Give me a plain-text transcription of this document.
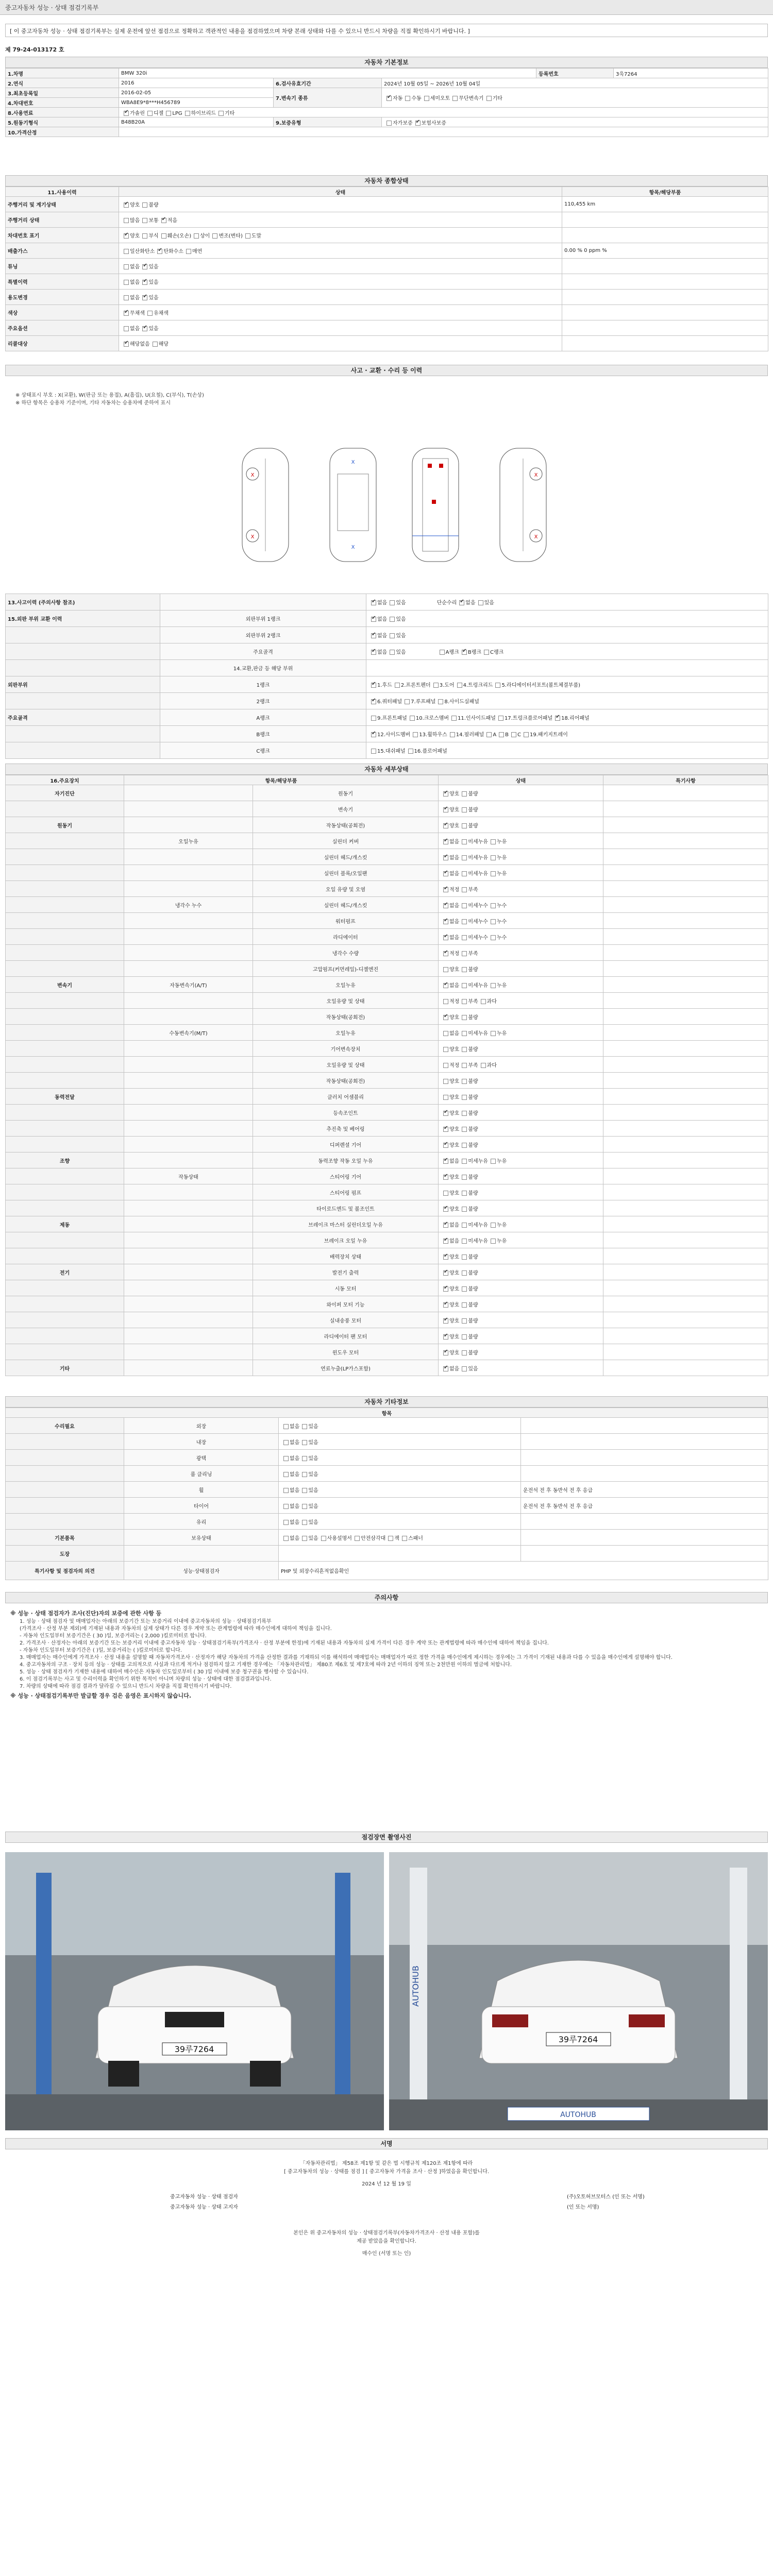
중고자동차 성능 · 상태 점검기록부
[ 이 중고자동차 성능 · 상태 점검기록부는 실제 운전에 앞선 점검으로 정확하고 객관적인 내용을 점검하였으며 차량 본래 상태와 다를 수 있으니 반드시 차량을 직접 확인하시기 바랍니다. ]
제 79-24-013172 호
자동차 기본정보
1.차명	BMW 320i			등록번호	3욱7264
2.연식	2016	6.검사유효기간	2024년 10월 05일 ~ 2026년 10월 04일		
3.최초등록일	2016-02-05	7.변속기 종류	✔자동 수동 세미오토 무단변속기 기타
4.차대번호	WBA8E9*8***H456789				
8.사용연료	✔가솔린 디젤 LPG 하이브리드 기타
5.원동기형식	B48B20A	9.보증유형	자가보증 ✔ 보험사보증
10.가격산정					
자동차 종합상태
11.사용이력	상태	항목/해당부품
주행거리 및 계기상태	✔양호 불량	110,455 km
주행거리 상태	많음 보통 ✔ 적음	
차대번호 표기	✔양호 부식 훼손(오손) 상이 변조(변타) 도말	
배출가스	일산화탄소 ✔ 탄화수소 매연	0.00 % 0 ppm %
튜닝	없음 ✔ 있음	
특별이력	없음 ✔ 있음	
용도변경	없음 ✔ 있음	
색상	✔무채색 유채색	
주요옵션	없음 ✔ 있음	
리콜대상	✔해당없음 해당	
사고 · 교환 · 수리 등 이력
※ 상태표시 부호 : X(교환), W(판금 또는 용접), A(흠집), U(요철), C(부식), T(손상)
※ 하단 항목은 승용차 기준이며, 기타 자동차는 승용차에 준하여 표시
X
X
X
X
X
X
13.사고이력 (주의사항 참조)		✔없음 있음 단순수리 ✔ 없음 있음
15.외판 부위 교환 이력	외판부위 1랭크	✔없음 있음
	외판부위 2랭크	✔없음 있음
	주요골격	✔없음 있음 A랭크 ✔ B랭크 C랭크
	14.교환,판금 등 해당 부위	
외판부위	1랭크	✔1.후드 2.프론트펜더 3.도어 4.트렁크리드 5.라디에이터서포트(볼트체결부품)
	2랭크	✔6.쿼터패널 7.루프패널 8.사이드실패널
주요골격	A랭크	9.프론트패널 10.크로스멤버 11.인사이드패널 17.트렁크플로어패널 ✔ 18.리어패널
	B랭크	✔12.사이드멤버 13.휠하우스 14.필러패널 A B C 19.패키지트레이
	C랭크	15.대쉬패널 16.플로어패널
자동차 세부상태
16.주요장치	항목/해당부품		상태	특기사항
자기진단		원동기	✔양호 불량	
		변속기	✔양호 불량	
원동기		작동상태(공회전)	✔양호 불량	
	오일누유	실린더 커버	✔없음 미세누유 누유	
		실린더 헤드/개스킷	✔없음 미세누유 누유	
		실린더 블록/오일팬	✔없음 미세누유 누유	
		오일 유량 및 오염	✔적정 부족	
	냉각수 누수	실린더 헤드/개스킷	✔없음 미세누수 누수	
		워터펌프	✔없음 미세누수 누수	
		라디에이터	✔없음 미세누수 누수	
		냉각수 수량	✔적정 부족	
		고압펌프(커먼레일)-디젤엔진	양호 불량	
변속기	자동변속기(A/T)	오일누유	✔없음 미세누유 누유	
		오일유량 및 상태	적정 부족 과다	
		작동상태(공회전)	✔양호 불량	
	수동변속기(M/T)	오일누유	없음 미세누유 누유	
		기어변속장치	양호 불량	
		오일유량 및 상태	적정 부족 과다	
		작동상태(공회전)	양호 불량	
동력전달		클러치 어셈블리	양호 불량	
		등속조인트	✔양호 불량	
		추진축 및 베어링	✔양호 불량	
		디퍼렌셜 기어	✔양호 불량	
조향		동력조향 작동 오일 누유	✔없음 미세누유 누유	
	작동상태	스티어링 기어	✔양호 불량	
		스티어링 펌프	양호 불량	
		타이로드엔드 및 볼조인트	✔양호 불량	
제동		브레이크 마스터 실린더오일 누유	✔없음 미세누유 누유	
		브레이크 오일 누유	✔없음 미세누유 누유	
		배력장치 상태	✔양호 불량	
전기		발전기 출력	✔양호 불량	
		시동 모터	✔양호 불량	
		와이퍼 모터 기능	✔양호 불량	
		실내송풍 모터	✔양호 불량	
		라디에이터 팬 모터	✔양호 불량	
		윈도우 모터	✔양호 불량	
기타		연료누출(LP가스포함)	✔없음 있음	
자동차 기타정보
항목			
수리필요	외장	없음 있음	
	내장	없음 있음	
	광택	없음 있음	
	룸 클리닝	없음 있음	
	휠	없음 있음	운전석 전 후 동반석 전 후 응급
	타이어	없음 있음	운전석 전 후 동반석 전 후 응급
	유리	없음 있음	
기본품목	보유상태	없음 있음 사용설명서 안전삼각대 잭 스패너	
도장			
특기사항 및 점검자의 의견	성능·상태점검자	PHP 및 외장수리흔적없음확인	
주의사항
※ 성능 · 상태 점검자가 조사(진단)자의 보증에 관한 사항 등
1. 성능 · 상태 점검자 및 매매업자는 아래의 보증기간 또는 보증거리 이내에 중고자동차의 성능 · 상태점검기록부
(가격조사 · 산정 부분 제외)에 기재된 내용과 자동차의 실제 상태가 다른 경우 계약 또는 관계법령에 따라 매수인에게 대하여 책임을 집니다.
- 자동차 인도일부터 보증기간은 ( 30 )일, 보증거리는 ( 2,000 )킬로미터로 합니다.
2. 가격조사 · 산정자는 아래의 보증기간 또는 보증거리 이내에 중고자동차 성능 · 상태점검기록부(가격조사 · 산정 부분에 한정)에 기재된 내용과 자동차의 실제 가격이 다른 경우 계약 또는 관계법령에 따라 매수인에 대하여 책임을 집니다.
- 자동차 인도일부터 보증기간은 ( )일, 보증거리는 ( )킬로미터로 합니다.
3. 매매업자는 매수인에게 가격조사 · 산정 내용을 설명할 때 자동차가격조사 · 산정자가 해당 자동차의 가격을 산정한 결과를 기재하되 이를 해석하여 매매업자는 매매업자가 따로 정한 가격을 매수인에게 제시하는 경우에는 그 가격이 기재된 내용과 다를 수 있음을 매수인에게 설명해야 합니다.
4. 중고자동차의 구조 · 장치 등의 성능 · 상태를 고의적으로 사실과 다르게 적거나 점검하지 않고 기재한 경우에는 「자동차관리법」 제80조 제6호 및 제7호에 따라 2년 이하의 징역 또는 2천만원 이하의 벌금에 처합니다.
5. 성능 · 상태 점검자가 기재한 내용에 대하여 매수인은 자동차 인도일로부터 ( 30 )일 이내에 보증 청구권을 행사할 수 있습니다.
6. 이 점검기록부는 사고 및 수리이력을 확인하기 위한 목적이 아니며 차량의 성능 · 상태에 대한 점검결과입니다.
7. 차량의 상태에 따라 점검 결과가 달라질 수 있으니 반드시 차량을 직접 확인하시기 바랍니다.
※ 성능 · 상태점검기록부만 발급할 경우 검은 음영은 표시하지 않습니다.
점검장면 촬영사진
39루7264
AUTOHUB
39루7264
AUTOHUB
서명
「자동차관리법」 제58조 제1항 및 같은 법 시행규칙 제120조 제1항에 따라
[ 중고자동차의 성능 · 상태를 점검 ] [ 중고자동차 가격을 조사 · 산정 ]하였음을 확인합니다.
2024 년 12 월 19 일
중고자동차 성능 · 상태 점검자	(주)오토허브모터스 (인 또는 서명)
중고자동차 성능 · 상태 고지자	(인 또는 서명)
본인은 위 중고자동차의 성능 · 상태점검기록부(자동차가격조사 · 산정 내용 포함)를
제공 받았음을 확인합니다.
매수인 (서명 또는 인)
